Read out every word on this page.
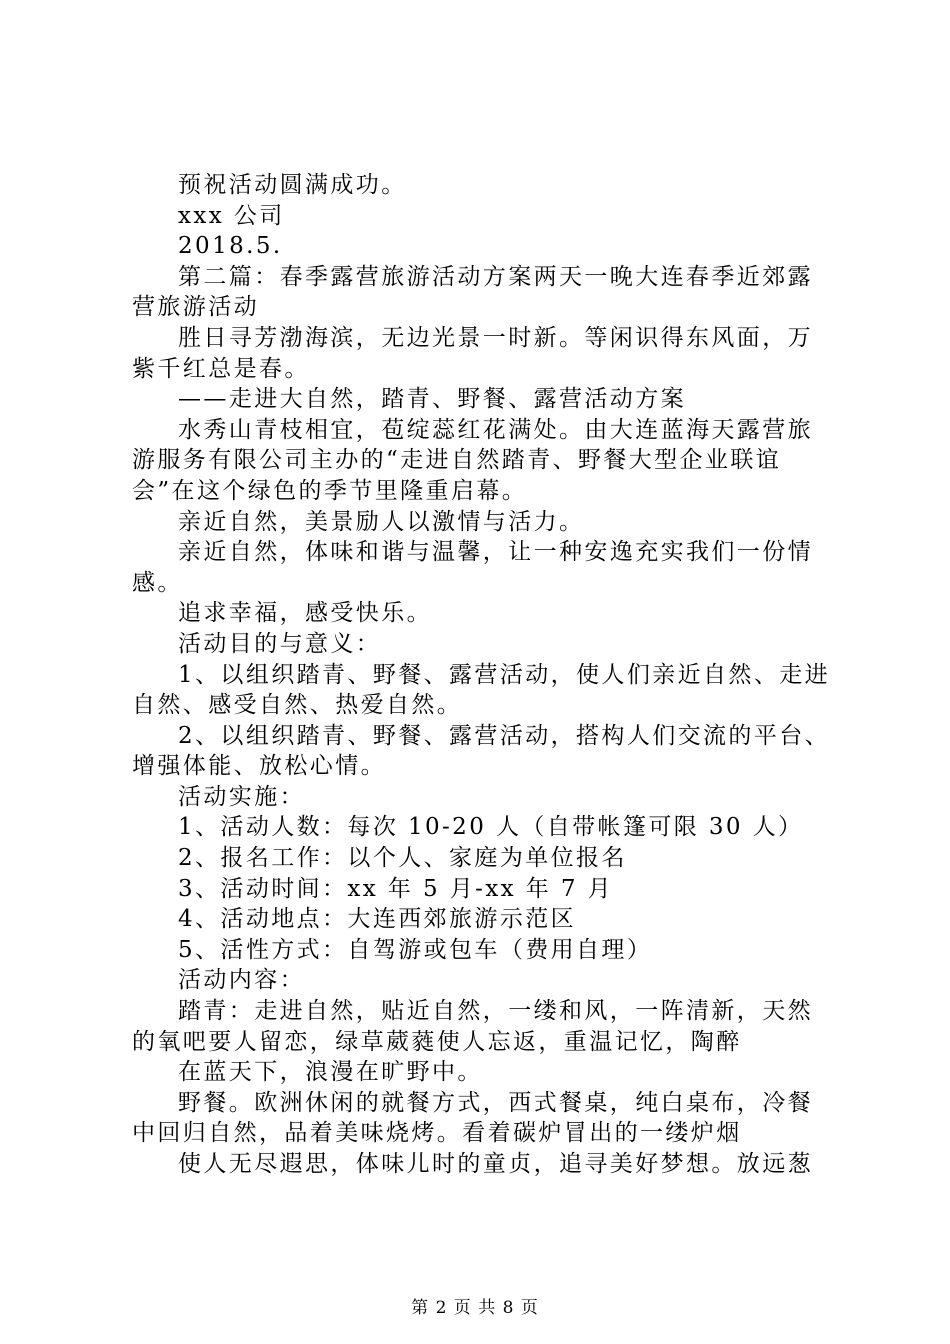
预祝活动圆满成功。
xxx 公司
2018.5.
第二篇：春季露营旅游活动方案两天一晚大连春季近郊露
营旅游活动
胜日寻芳渤海滨，无边光景一时新。等闲识得东风面，万
紫千红总是春。
——走进大自然，踏青、野餐、露营活动方案
水秀山青枝相宜，苞绽蕊红花满处。由大连蓝海天露营旅
游服务有限公司主办的“走进自然踏青、野餐大型企业联谊
会”在这个绿色的季节里隆重启幕。
亲近自然，美景励人以激情与活力。
亲近自然，体味和谐与温馨，让一种安逸充实我们一份情
感。
追求幸福，感受快乐。
活动目的与意义：
1、以组织踏青、野餐、露营活动，使人们亲近自然、走进
自然、感受自然、热爱自然。
2、以组织踏青、野餐、露营活动，搭构人们交流的平台、
增强体能、放松心情。
活动实施：
1、活动人数：每次 10-20 人（自带帐篷可限 30 人）
2、报名工作：以个人、家庭为单位报名
3、活动时间：xx 年 5 月-xx 年 7 月
4、活动地点：大连西郊旅游示范区
5、活性方式：自驾游或包车（费用自理）
活动内容：
踏青：走进自然，贴近自然，一缕和风，一阵清新，天然
的氧吧要人留恋，绿草葳蕤使人忘返，重温记忆，陶醉
在蓝天下，浪漫在旷野中。
野餐。欧洲休闲的就餐方式，西式餐桌，纯白桌布，冷餐
中回归自然，品着美味烧烤。看着碳炉冒出的一缕炉烟
使人无尽遐思，体味儿时的童贞，追寻美好梦想。放远葱
第 2 页 共 8 页
